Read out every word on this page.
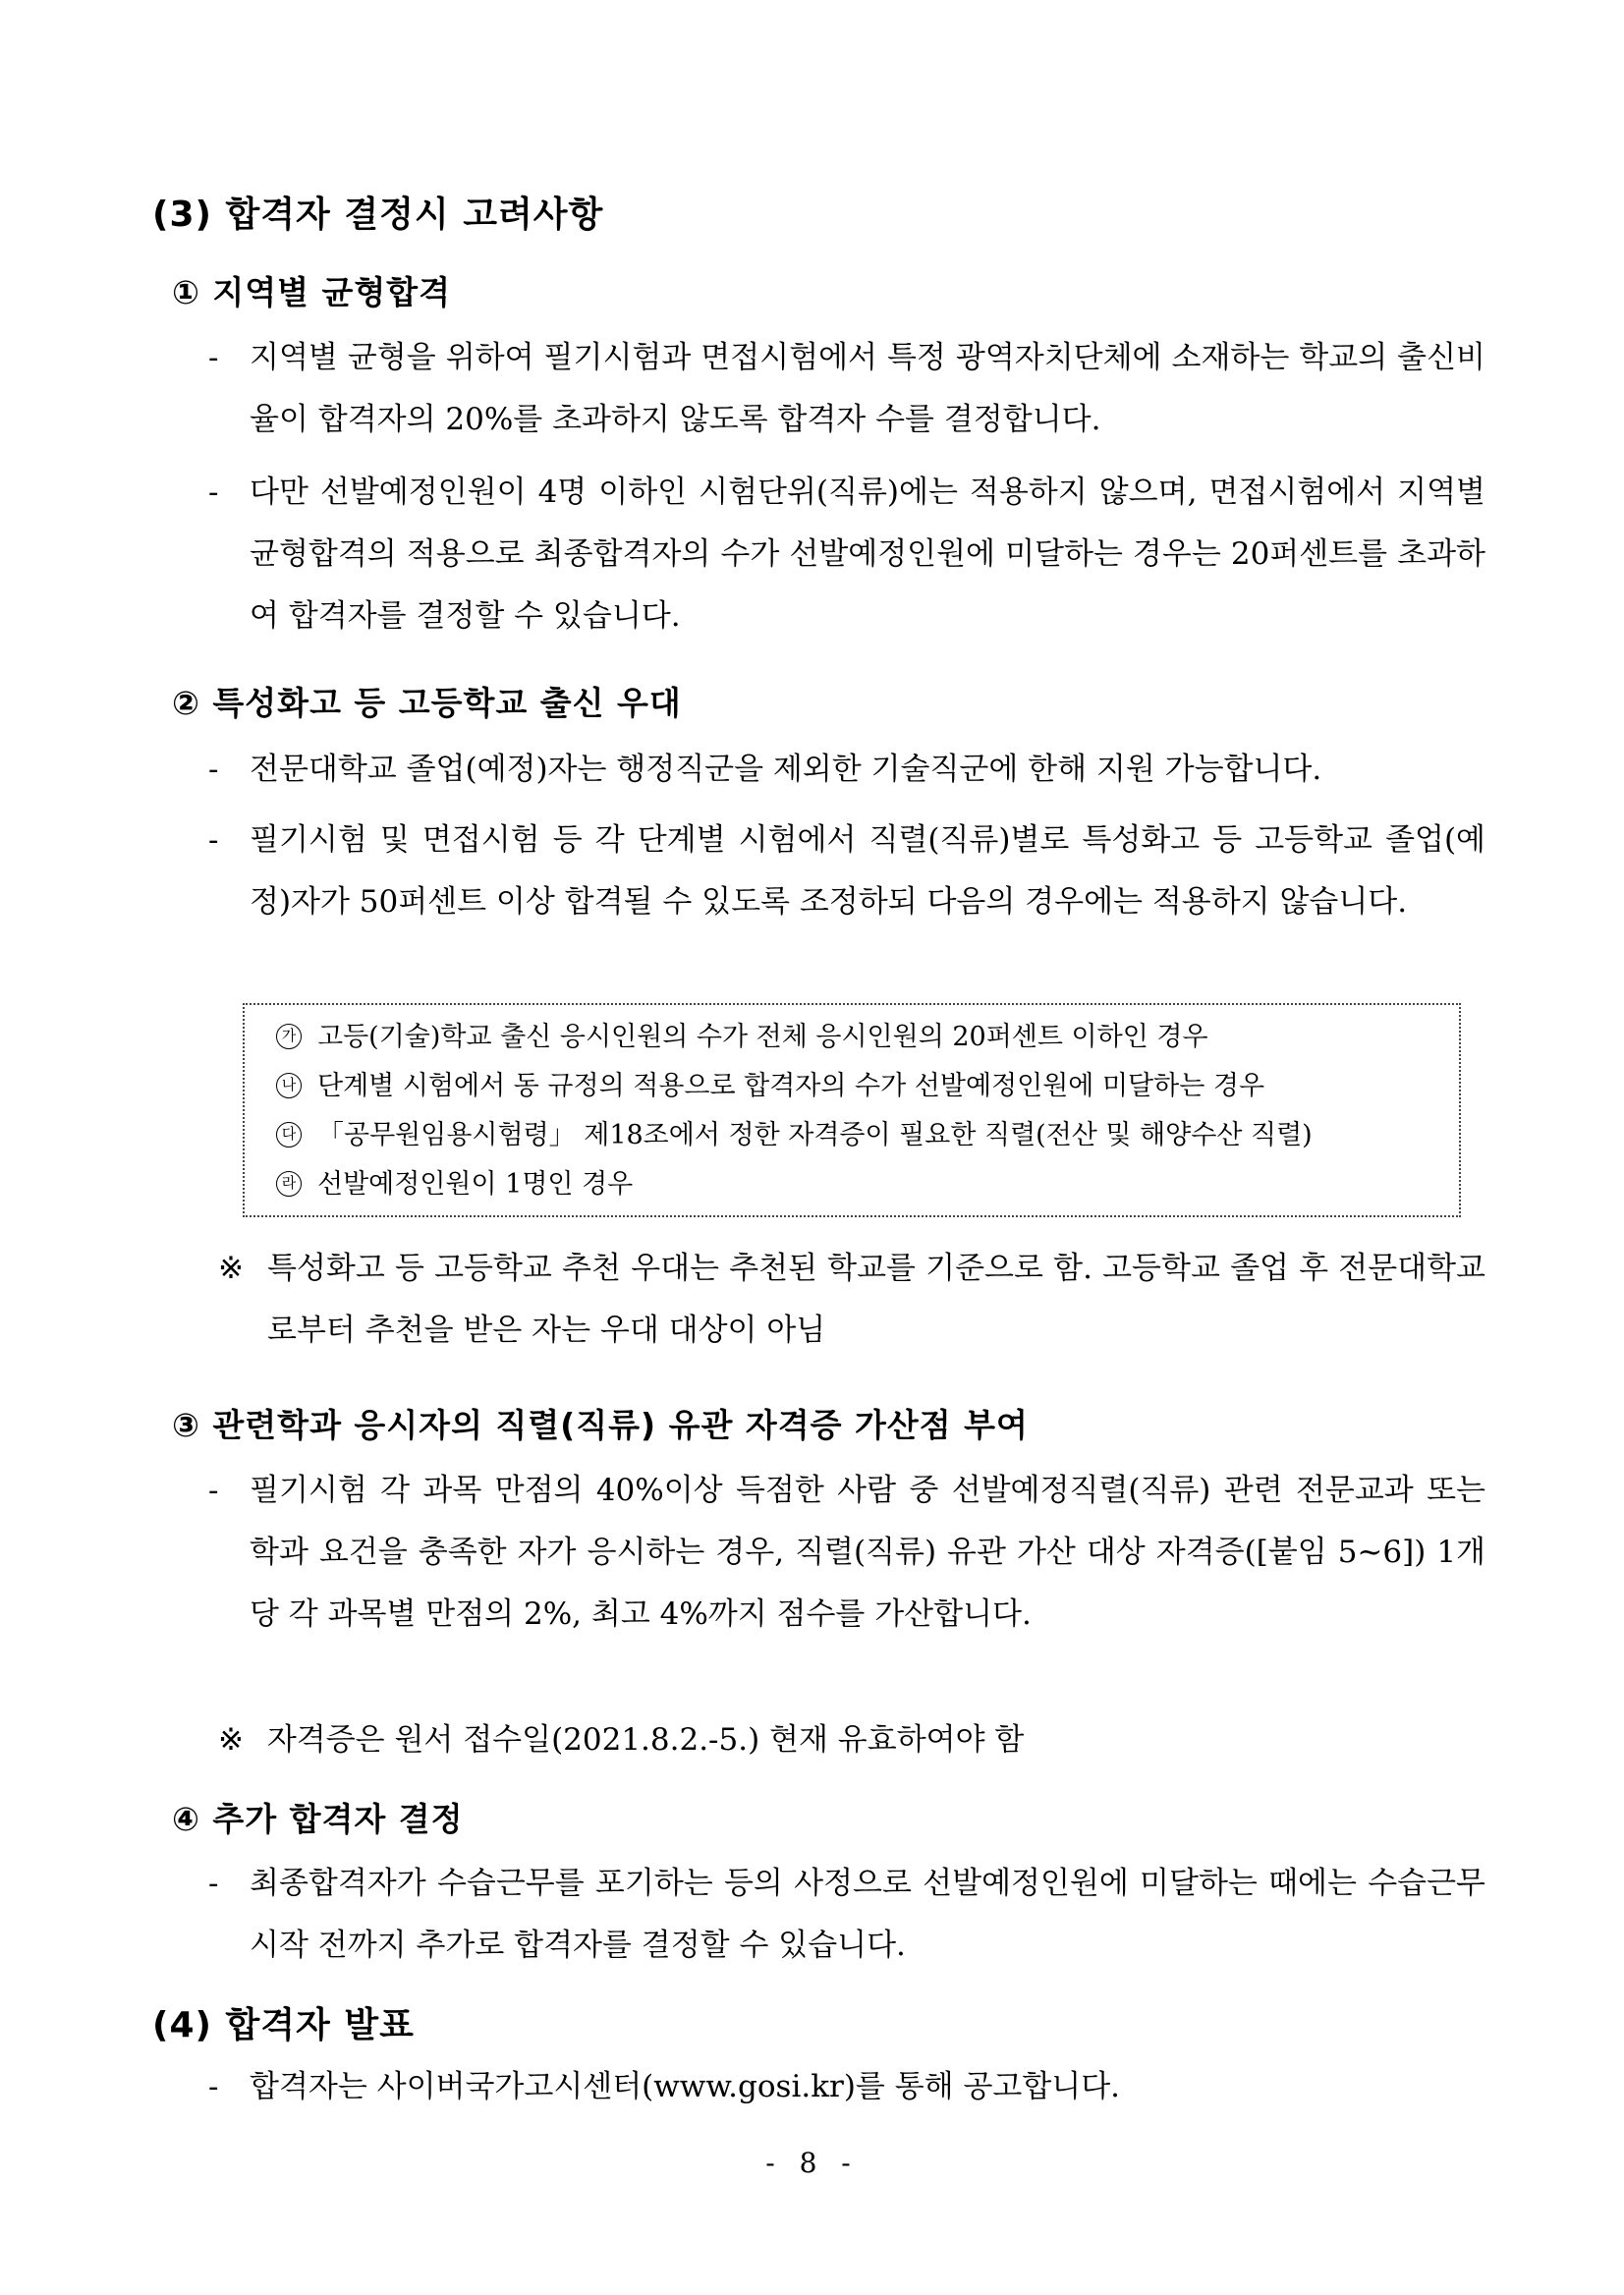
(3) 합격자 결정시 고려사항
① 지역별 균형합격
- 지역별 균형을 위하여 필기시험과 면접시험에서 특정 광역자치단체에 소재하는 학교의 출신비율이 합격자의 20%를 초과하지 않도록 합격자 수를 결정합니다.
- 다만 선발예정인원이 4명 이하인 시험단위(직류)에는 적용하지 않으며, 면접시험에서 지역별 균형합격의 적용으로 최종합격자의 수가 선발예정인원에 미달하는 경우는 20퍼센트를 초과하여 합격자를 결정할 수 있습니다.
② 특성화고 등 고등학교 출신 우대
- 전문대학교 졸업(예정)자는 행정직군을 제외한 기술직군에 한해 지원 가능합니다.
- 필기시험 및 면접시험 등 각 단계별 시험에서 직렬(직류)별로 특성화고 등 고등학교 졸업(예정)자가 50퍼센트 이상 합격될 수 있도록 조정하되 다음의 경우에는 적용하지 않습니다.
가 고등(기술)학교 출신 응시인원의 수가 전체 응시인원의 20퍼센트 이하인 경우
나 단계별 시험에서 동 규정의 적용으로 합격자의 수가 선발예정인원에 미달하는 경우
다 「공무원임용시험령」 제18조에서 정한 자격증이 필요한 직렬(전산 및 해양수산 직렬)
라 선발예정인원이 1명인 경우
※ 특성화고 등 고등학교 추천 우대는 추천된 학교를 기준으로 함. 고등학교 졸업 후 전문대학교로부터 추천을 받은 자는 우대 대상이 아님
③ 관련학과 응시자의 직렬(직류) 유관 자격증 가산점 부여
- 필기시험 각 과목 만점의 40%이상 득점한 사람 중 선발예정직렬(직류) 관련 전문교과 또는 학과 요건을 충족한 자가 응시하는 경우, 직렬(직류) 유관 가산 대상 자격증([붙임 5~6]) 1개당 각 과목별 만점의 2%, 최고 4%까지 점수를 가산합니다.
※ 자격증은 원서 접수일(2021.8.2.-5.) 현재 유효하여야 함
④ 추가 합격자 결정
- 최종합격자가 수습근무를 포기하는 등의 사정으로 선발예정인원에 미달하는 때에는 수습근무 시작 전까지 추가로 합격자를 결정할 수 있습니다.
(4) 합격자 발표
- 합격자는 사이버국가고시센터(www.gosi.kr)를 통해 공고합니다.
- 8 -
